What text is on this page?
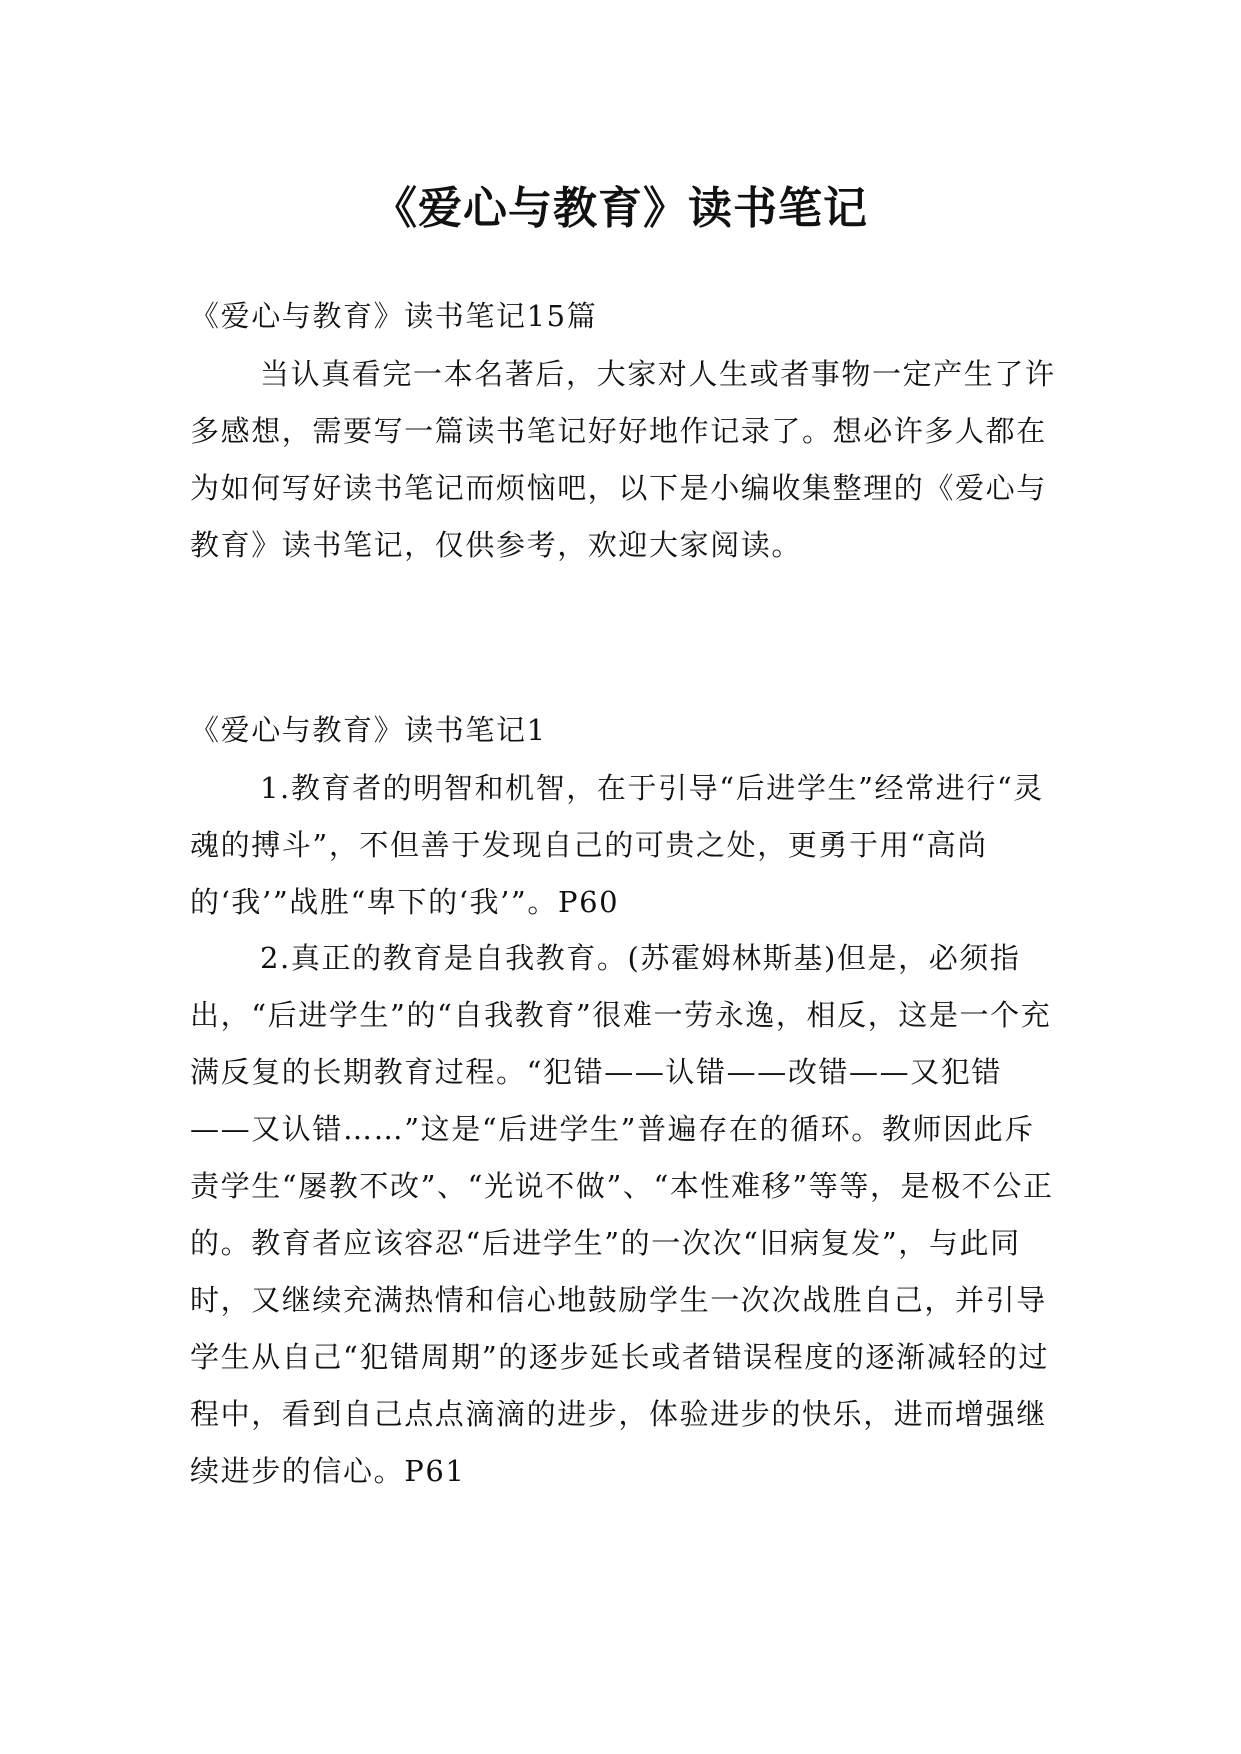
《爱心与教育》读书笔记

《爱心与教育》读书笔记15篇

当认真看完一本名著后，大家对人生或者事物一定产生了许多感想，需要写一篇读书笔记好好地作记录了。想必许多人都在为如何写好读书笔记而烦恼吧，以下是小编收集整理的《爱心与教育》读书笔记，仅供参考，欢迎大家阅读。

《爱心与教育》读书笔记1

1.教育者的明智和机智，在于引导“后进学生”经常进行“灵魂的搏斗”，不但善于发现自己的可贵之处，更勇于用“高尚的‘我’”战胜“卑下的‘我’”。P60

2.真正的教育是自我教育。(苏霍姆林斯基)但是，必须指出，“后进学生”的“自我教育”很难一劳永逸，相反，这是一个充满反复的长期教育过程。“犯错——认错——改错——又犯错——又认错……”这是“后进学生”普遍存在的循环。教师因此斥责学生“屡教不改”、“光说不做”、“本性难移”等等，是极不公正的。教育者应该容忍“后进学生”的一次次“旧病复发”，与此同时，又继续充满热情和信心地鼓励学生一次次战胜自己，并引导学生从自己“犯错周期”的逐步延长或者错误程度的逐渐减轻的过程中，看到自己点点滴滴的进步，体验进步的快乐，进而增强继续进步的信心。P61
